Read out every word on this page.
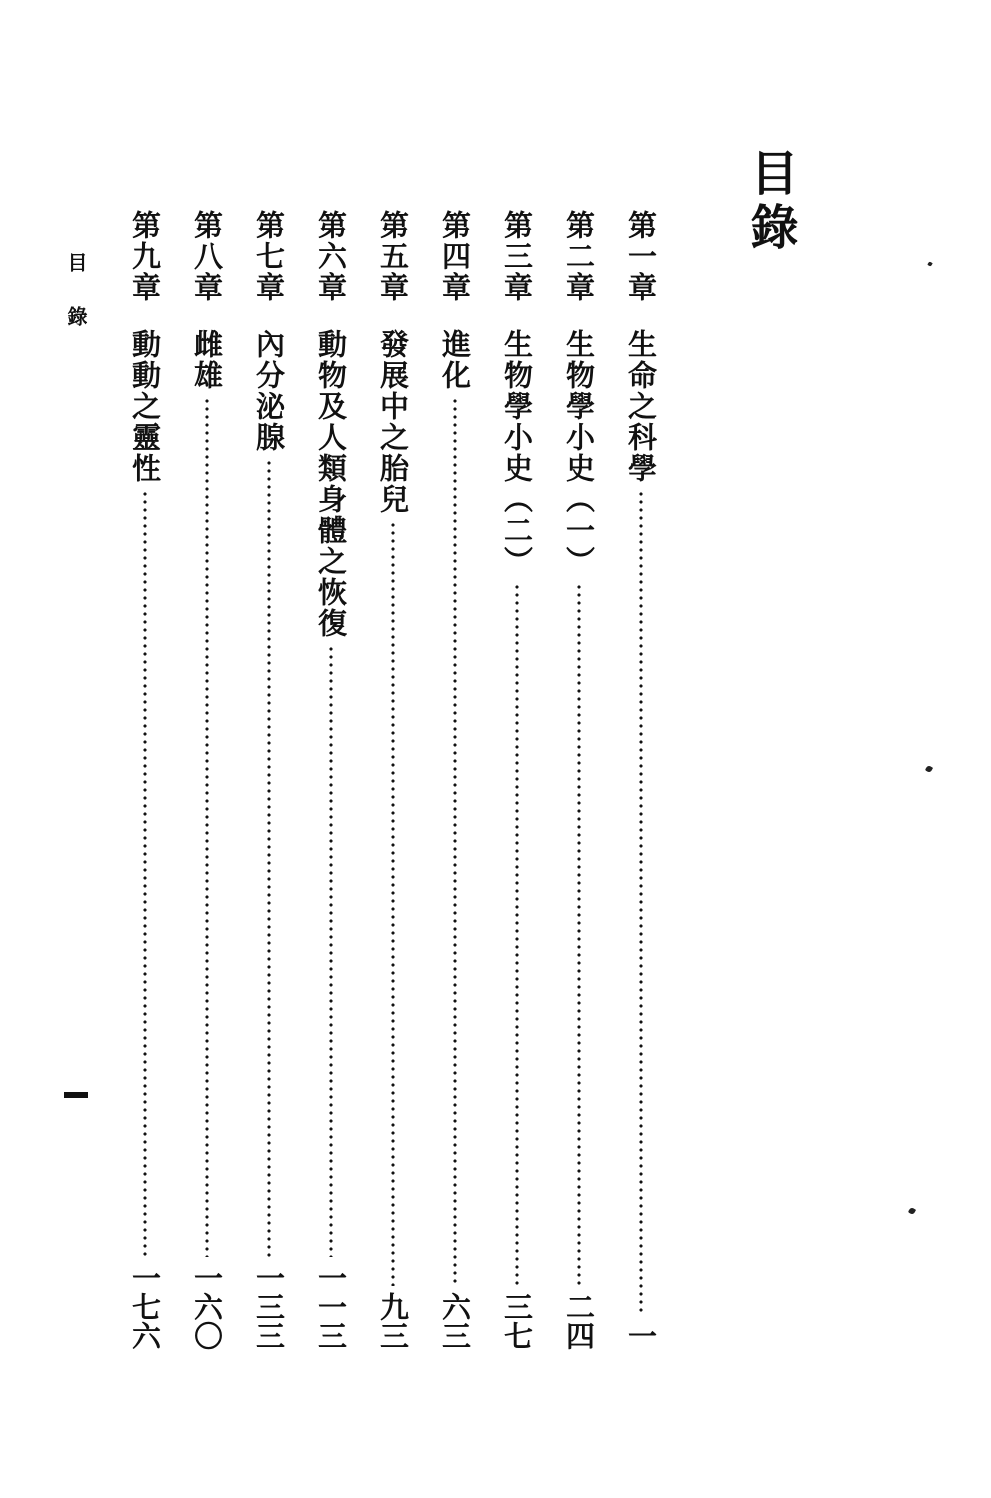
目錄
第一章
生命之科學
一
第二章
生物學小史︵一︶
二四
第三章
生物學小史︵二︶
三七
第四章
進化
六三
第五章
發展中之胎兒
九三
第六章
動物及人類身體之恢復
一一三
第七章
內分泌腺
一三三
第八章
雌雄
一六〇
第九章
動動之靈性
一七六
目錄
